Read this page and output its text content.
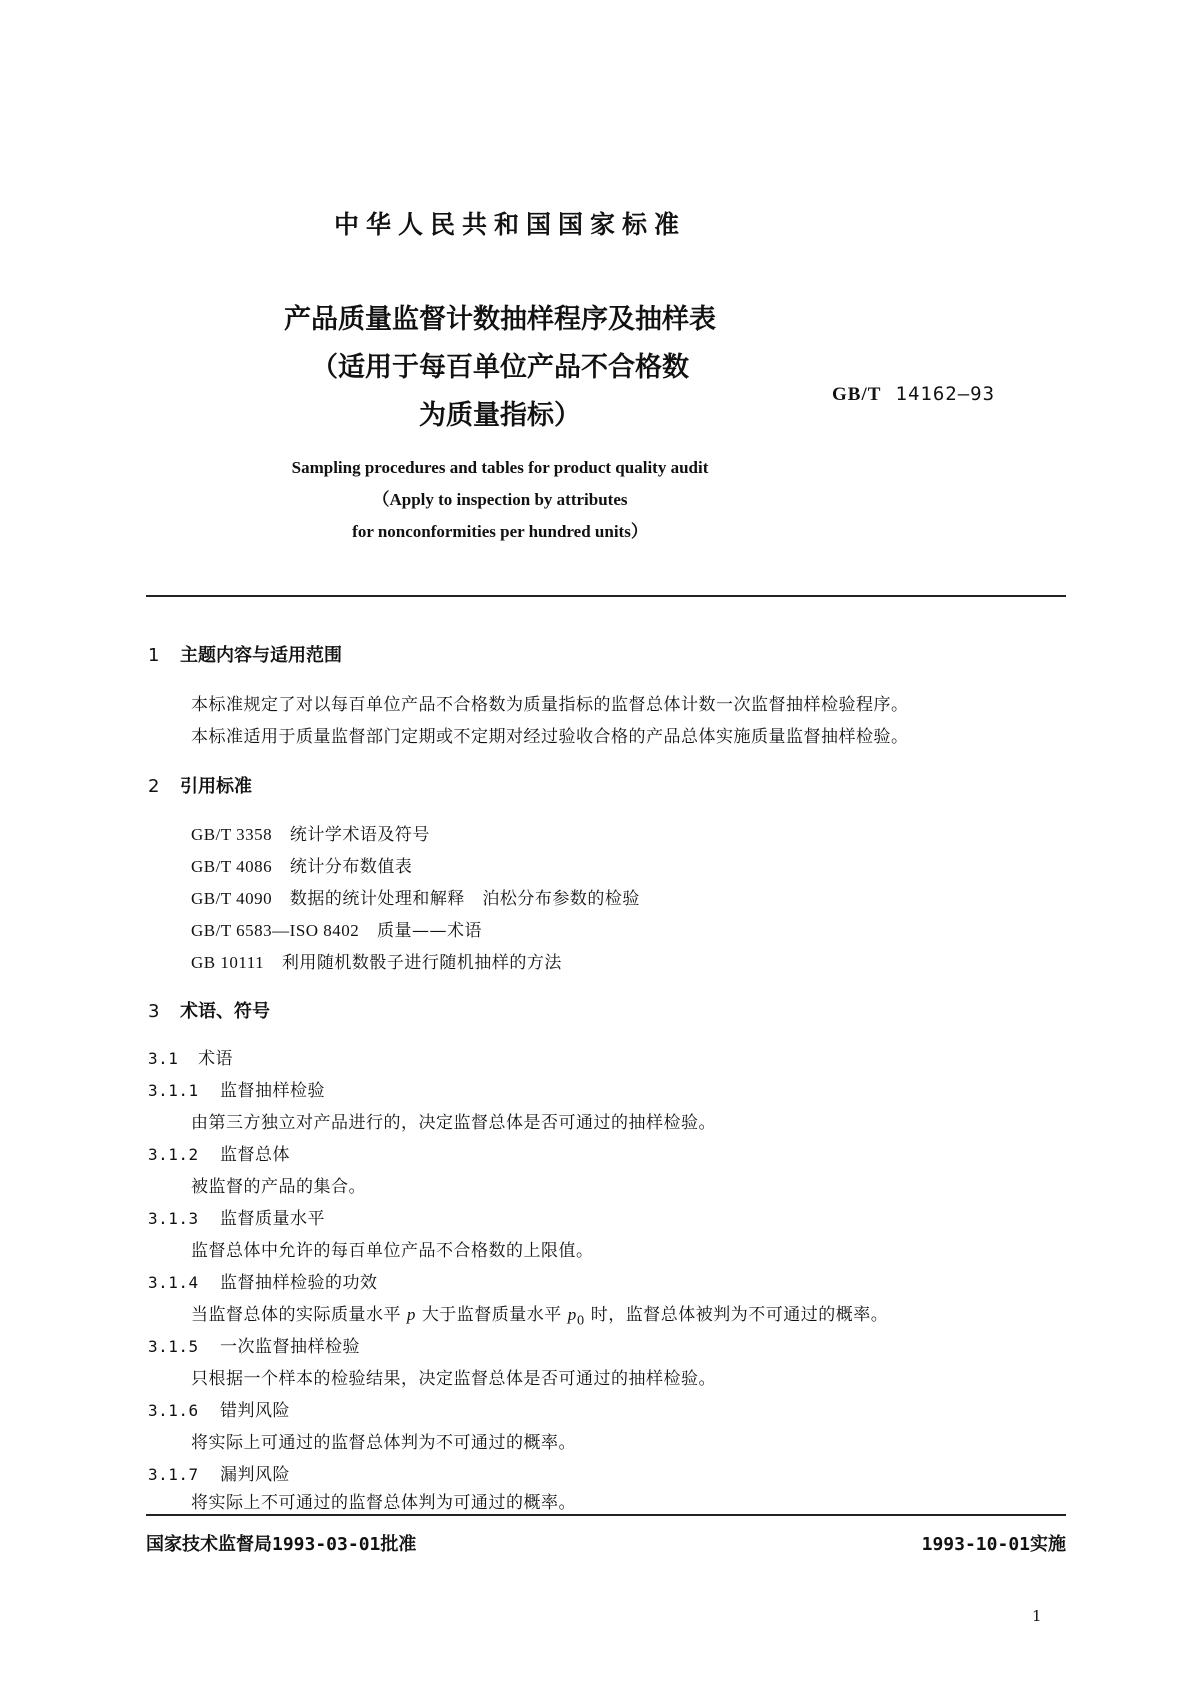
中华人民共和国国家标准
产品质量监督计数抽样程序及抽样表
（适用于每百单位产品不合格数
为质量指标）
GB/T 14162—93
Sampling procedures and tables for product quality audit
（Apply to inspection by attributes
for nonconformities per hundred units）
1 主题内容与适用范围
本标准规定了对以每百单位产品不合格数为质量指标的监督总体计数一次监督抽样检验程序。
本标准适用于质量监督部门定期或不定期对经过验收合格的产品总体实施质量监督抽样检验。
2 引用标准
GB/T 3358 统计学术语及符号
GB/T 4086 统计分布数值表
GB/T 4090 数据的统计处理和解释　泊松分布参数的检验
GB/T 6583—ISO 8402 质量——术语
GB 10111 利用随机数骰子进行随机抽样的方法
3 术语、符号
3.1 术语
3.1.1 监督抽样检验
由第三方独立对产品进行的，决定监督总体是否可通过的抽样检验。
3.1.2 监督总体
被监督的产品的集合。
3.1.3 监督质量水平
监督总体中允许的每百单位产品不合格数的上限值。
3.1.4 监督抽样检验的功效
当监督总体的实际质量水平 p 大于监督质量水平 $p_0$ 时，监督总体被判为不可通过的概率。
3.1.5 一次监督抽样检验
只根据一个样本的检验结果，决定监督总体是否可通过的抽样检验。
3.1.6 错判风险
将实际上可通过的监督总体判为不可通过的概率。
3.1.7 漏判风险
将实际上不可通过的监督总体判为可通过的概率。
国家技术监督局1993-03-01批准	1993-10-01实施
1
